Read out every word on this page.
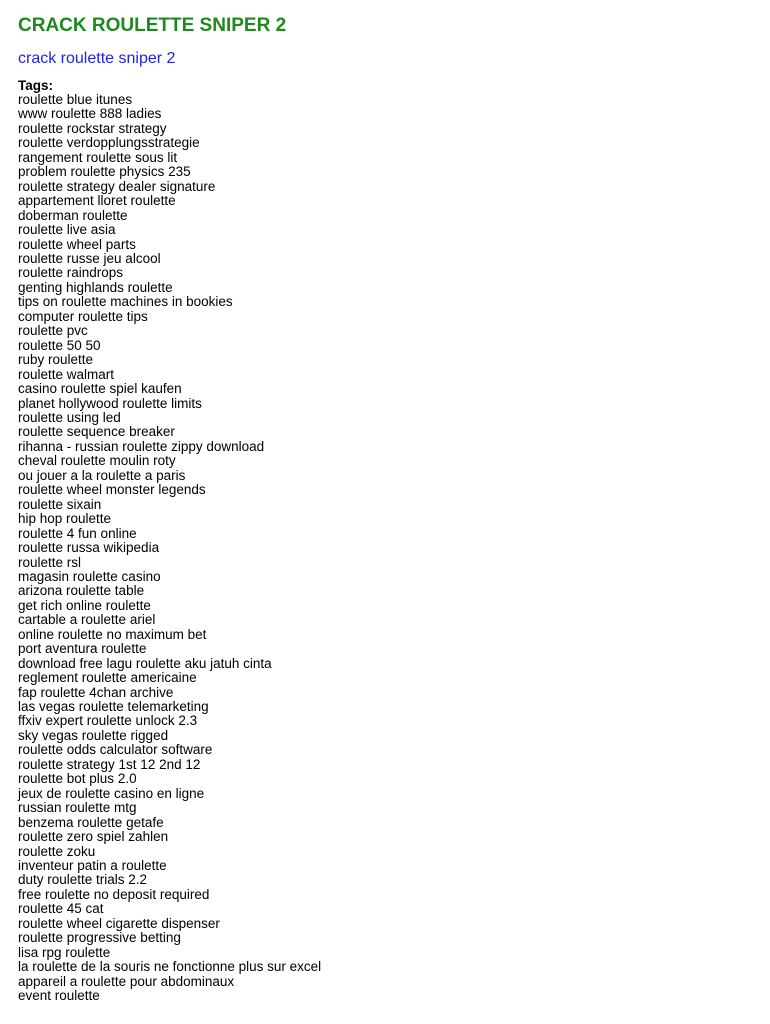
CRACK ROULETTE SNIPER 2
crack roulette sniper 2
Tags:
roulette blue itunes
www roulette 888 ladies
roulette rockstar strategy
roulette verdopplungsstrategie
rangement roulette sous lit
problem roulette physics 235
roulette strategy dealer signature
appartement lloret roulette
doberman roulette
roulette live asia
roulette wheel parts
roulette russe jeu alcool
roulette raindrops
genting highlands roulette
tips on roulette machines in bookies
computer roulette tips
roulette pvc
roulette 50 50
ruby roulette
roulette walmart
casino roulette spiel kaufen
planet hollywood roulette limits
roulette using led
roulette sequence breaker
rihanna - russian roulette zippy download
cheval roulette moulin roty
ou jouer a la roulette a paris
roulette wheel monster legends
roulette sixain
hip hop roulette
roulette 4 fun online
roulette russa wikipedia
roulette rsl
magasin roulette casino
arizona roulette table
get rich online roulette
cartable a roulette ariel
online roulette no maximum bet
port aventura roulette
download free lagu roulette aku jatuh cinta
reglement roulette americaine
fap roulette 4chan archive
las vegas roulette telemarketing
ffxiv expert roulette unlock 2.3
sky vegas roulette rigged
roulette odds calculator software
roulette strategy 1st 12 2nd 12
roulette bot plus 2.0
jeux de roulette casino en ligne
russian roulette mtg
benzema roulette getafe
roulette zero spiel zahlen
roulette zoku
inventeur patin a roulette
duty roulette trials 2.2
free roulette no deposit required
roulette 45 cat
roulette wheel cigarette dispenser
roulette progressive betting
lisa rpg roulette
la roulette de la souris ne fonctionne plus sur excel
appareil a roulette pour abdominaux
event roulette
